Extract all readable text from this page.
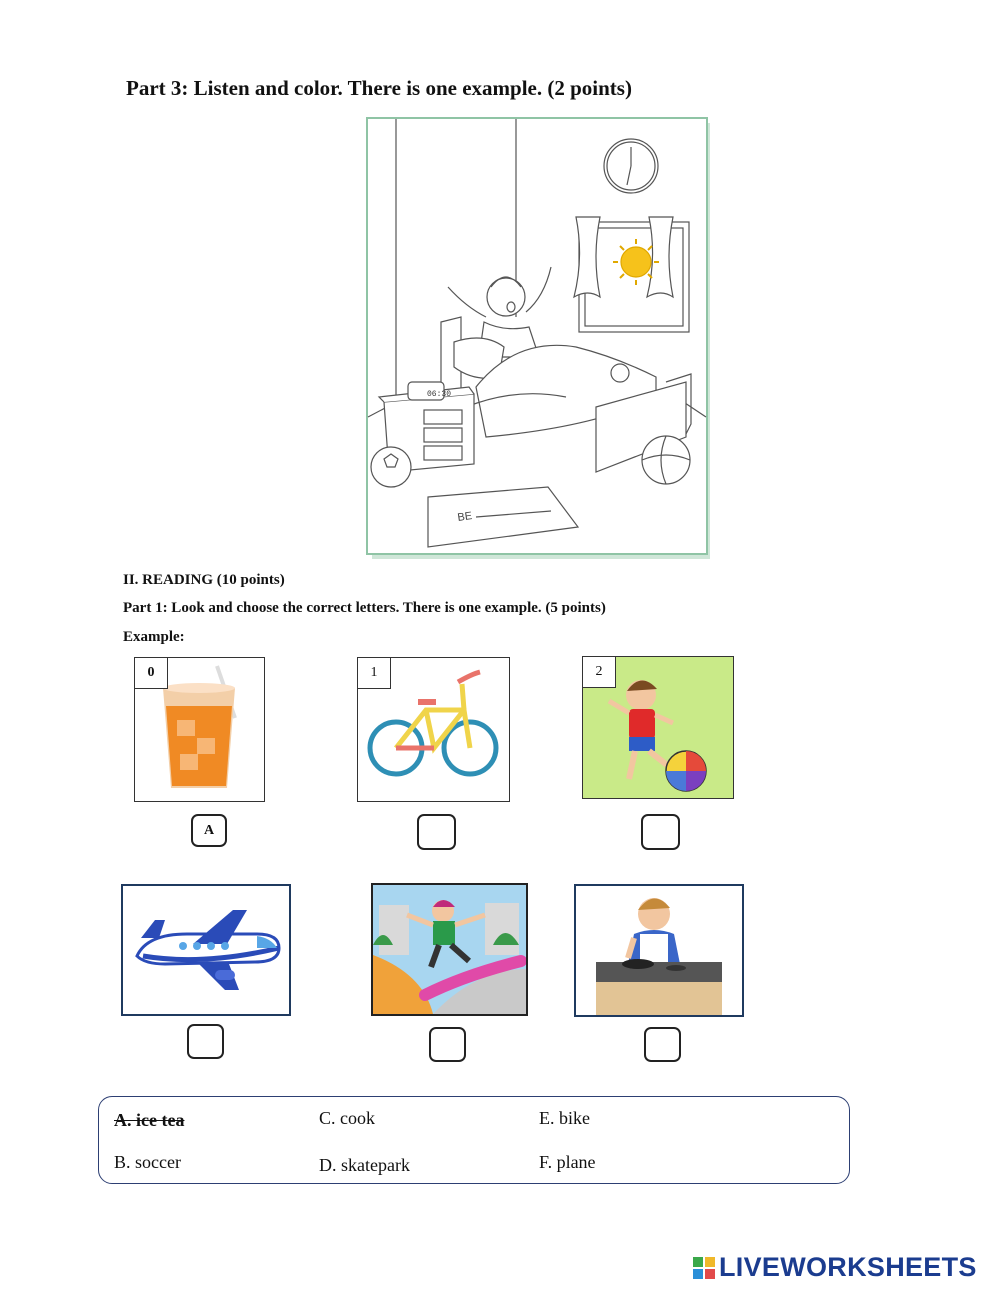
Part 3: Listen and color. There is one example. (2 points)
06:30
BE
II. READING (10 points)
Part 1: Look and choose the correct letters. There is one example. (5 points)
Example:
0	1	2
A
A. ice tea	C. cook	E. bike
B. soccer	D. skatepark	F. plane
LIVEWORKSHEETS
